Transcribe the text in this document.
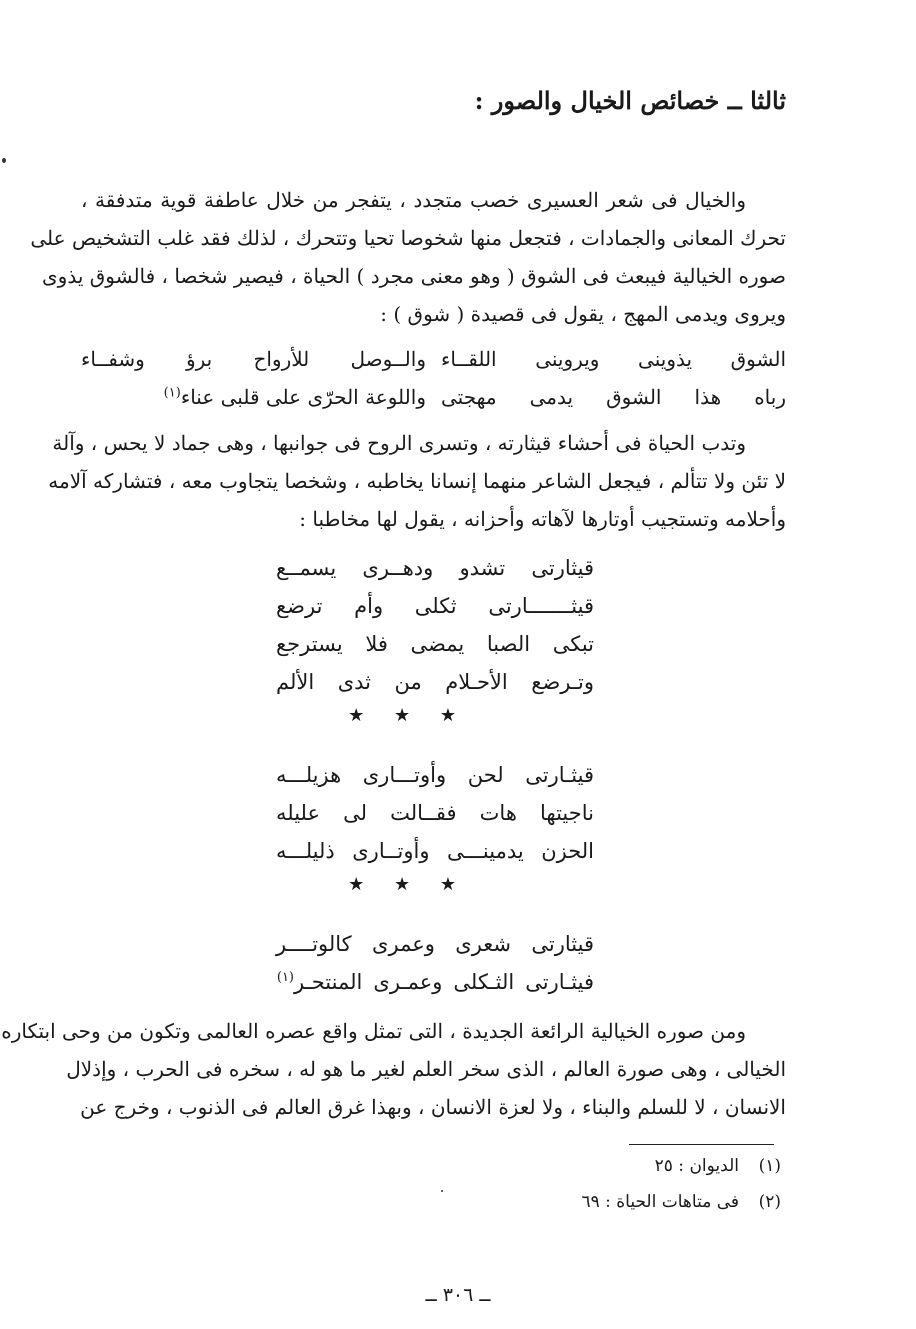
ثالثا ــ خصائص الخيال والصور :

والخيال فى شعر العسيرى خصب متجدد ، يتفجر من خلال عاطفة قوية متدفقة ،
تحرك المعانى والجمادات ، فتجعل منها شخوصا تحيا وتتحرك ، لذلك فقد غلب التشخيص على
صوره الخيالية فيبعث فى الشوق ( وهو معنى مجرد ) الحياة ، فيصير شخصا ، فالشوق يذوى
ويروى ويدمى المهج ، يقول فى قصيدة ( شوق ) :

الشوق يذوينى ويروينى اللقــاء
والــوصل للأرواح برؤ وشفــاء
رباه هذا الشوق يدمى مهجتى
واللوعة الحرّى على قلبى عناء$^{(١)}$

وتدب الحياة فى أحشاء قيثارته ، وتسرى الروح فى جوانبها ، وهى جماد لا يحس ، وآلة
لا تئن ولا تتألم ، فيجعل الشاعر منهما إنسانا يخاطبه ، وشخصا يتجاوب معه ، فتشاركه آلامه
وأحلامه وتستجيب أوتارها لآهاته وأحزانه ، يقول لها مخاطبا :

قيثارتى تشدو ودهــرى يسمــع
قيثـــــــارتى ثكلى وأم ترضع
تبكى الصبا يمضى فلا يسترجع
وتـرضع الأحـلام من ثدى الألم
★ ★ ★
قيثـارتى لحن وأوتـــارى هزيلـــه
ناجيتها هات فقــالت لى عليله
الحزن يدمينـــى وأوتــارى ذليلـــه
★ ★ ★
قيثارتى شعرى وعمرى كالوتــــر
فيثـارتى الثـكلى وعمـرى المنتحـر$^{(١)}$

ومن صوره الخيالية الرائعة الجديدة ، التى تمثل واقع عصره العالمى وتكون من وحى ابتكاره
الخيالى ، وهى صورة العالم ، الذى سخر العلم لغير ما هو له ، سخره فى الحرب ، وإذلال
الانسان ، لا للسلم والبناء ، ولا لعزة الانسان ، وبهذا غرق العالم فى الذنوب ، وخرج عن

(١)الديوان : ٢٥
(٢)فى متاهات الحياة : ٦٩
ــ ٣٠٦ ــ
